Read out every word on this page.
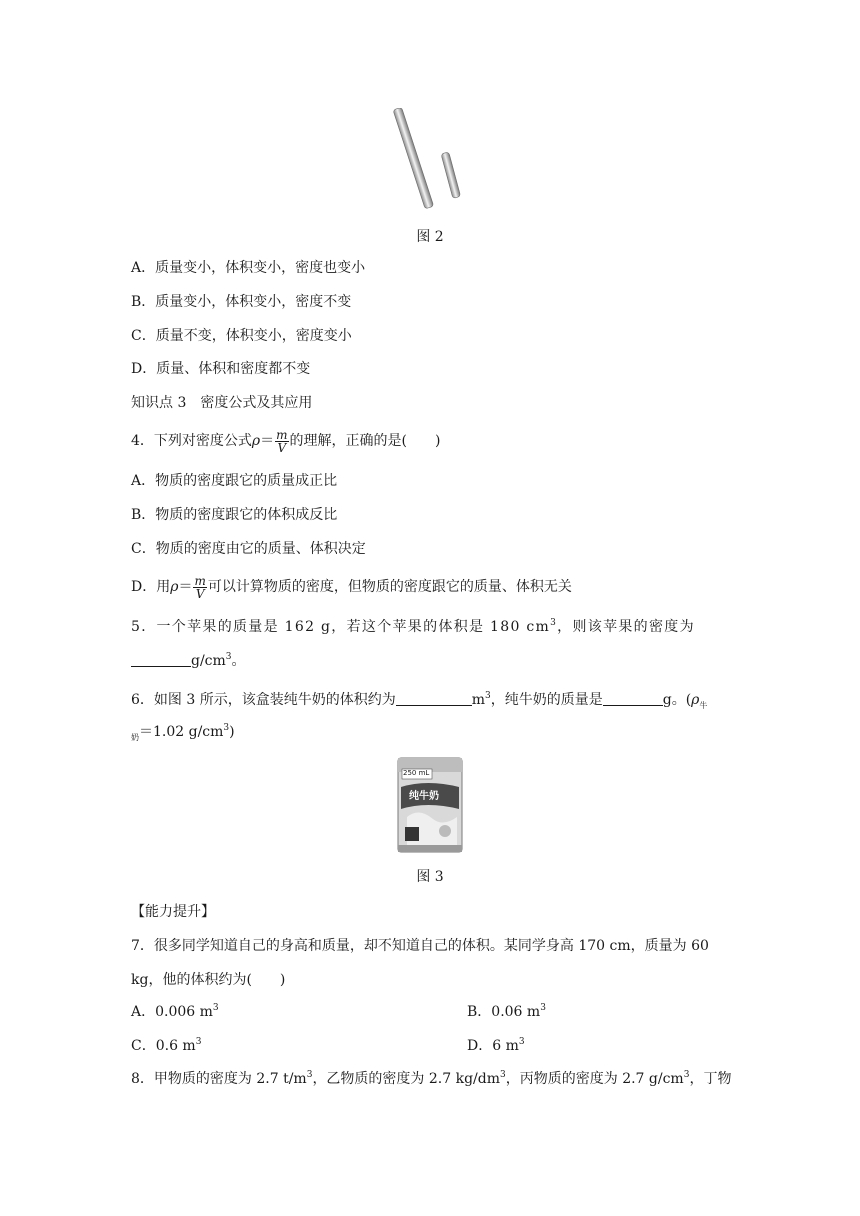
图 2
A．质量变小，体积变小，密度也变小
B．质量变小，体积变小，密度不变
C．质量不变，体积变小，密度变小
D．质量、体积和密度都不变
知识点 3 密度公式及其应用
4．下列对密度公式$\rho= \frac{m}{V}$ 的理解，正确的是(　　)
A．物质的密度跟它的质量成正比
B．物质的密度跟它的体积成反比
C．物质的密度由它的质量、体积决定
D．用$\rho= \frac{m}{V}$ 可以计算物质的密度，但物质的密度跟它的质量、体积无关
5．一个苹果的质量是 162 g，若这个苹果的体积是 180 $cm^3$，则该苹果的密度为
$g/cm^3$。
6．如图 3 所示，该盒装纯牛奶的体积约为	$m^3$，纯牛奶的质量是	g。($\rho_牛$
$_奶$＝1.02 $g/cm^3$)
250 mL
纯牛奶
图 3
【能力提升】
7．很多同学知道自己的身高和质量，却不知道自己的体积。某同学身高 170 cm，质量为 60
kg，他的体积约为(　　)
A．0.006 $m^3$	B．0.06 $m^3$
C．0.6 $m^3$	D．6 $m^3$
8．甲物质的密度为 2.7 $t/m^3$，乙物质的密度为 2.7 $kg/dm^3$，丙物质的密度为 2.7 $g/cm^3$，丁物
